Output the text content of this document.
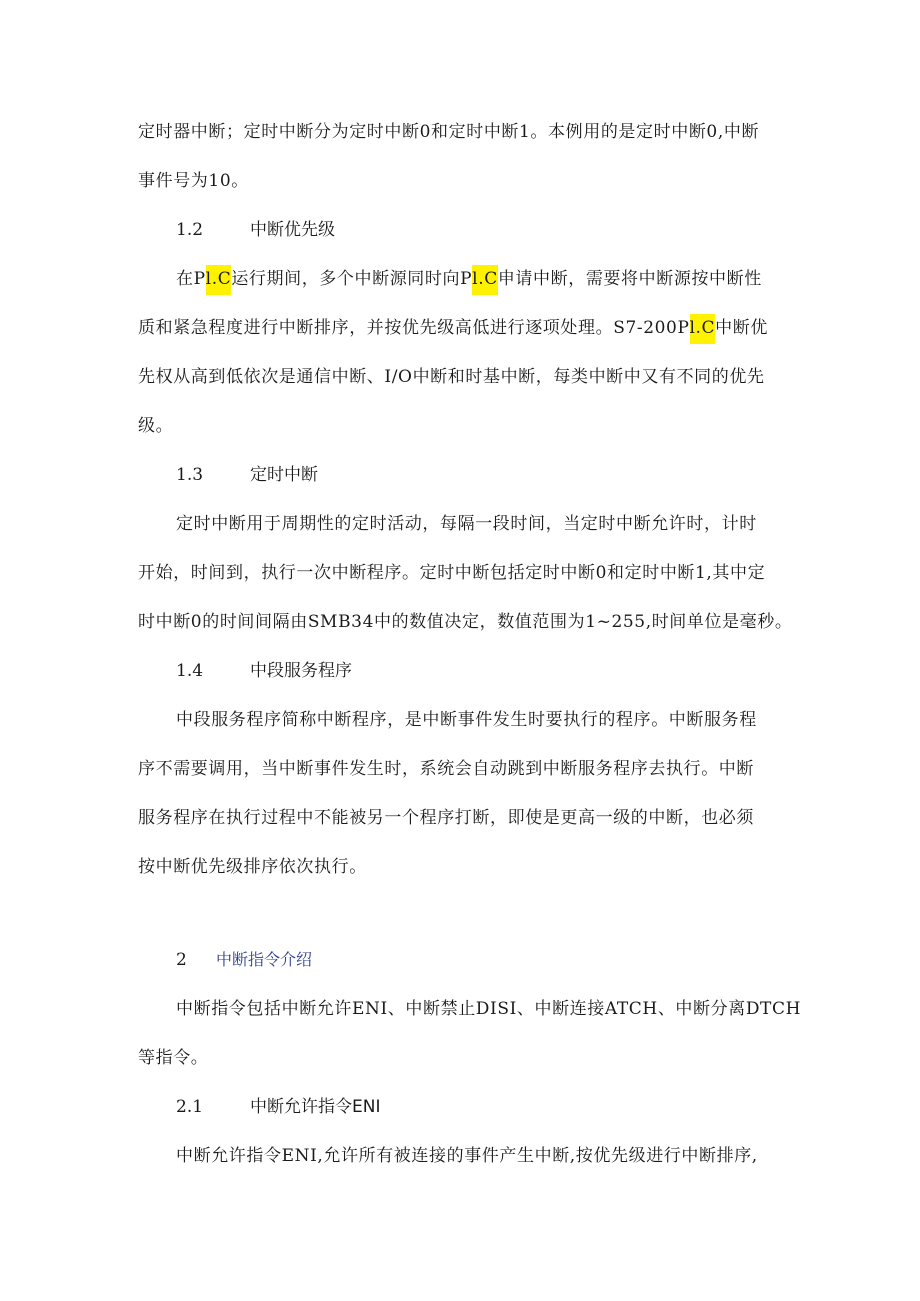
定时器中断；定时中断分为定时中断0和定时中断1。本例用的是定时中断0,中断
事件号为10。
1.2	中断优先级
在Pl.C运行期间，多个中断源同时向Pl.C申请中断，需要将中断源按中断性
质和紧急程度进行中断排序，并按优先级高低进行逐项处理。S7-200Pl.C中断优
先权从高到低依次是通信中断、I/O中断和时基中断，每类中断中又有不同的优先
级。
1.3	定时中断
定时中断用于周期性的定时活动，每隔一段时间，当定时中断允许时，计时
开始，时间到，执行一次中断程序。定时中断包括定时中断0和定时中断1,其中定
时中断0的时间间隔由SMB34中的数值决定，数值范围为1~255,时间单位是毫秒。
1.4	中段服务程序
中段服务程序简称中断程序，是中断事件发生时要执行的程序。中断服务程
序不需要调用，当中断事件发生时，系统会自动跳到中断服务程序去执行。中断
服务程序在执行过程中不能被另一个程序打断，即使是更高一级的中断，也必须
按中断优先级排序依次执行。
2 中断指令介绍
中断指令包括中断允许ENI、中断禁止DISI、中断连接ATCH、中断分离DTCH
等指令。
2.1	中断允许指令ENI
中断允许指令ENI,允许所有被连接的事件产生中断,按优先级进行中断排序,
